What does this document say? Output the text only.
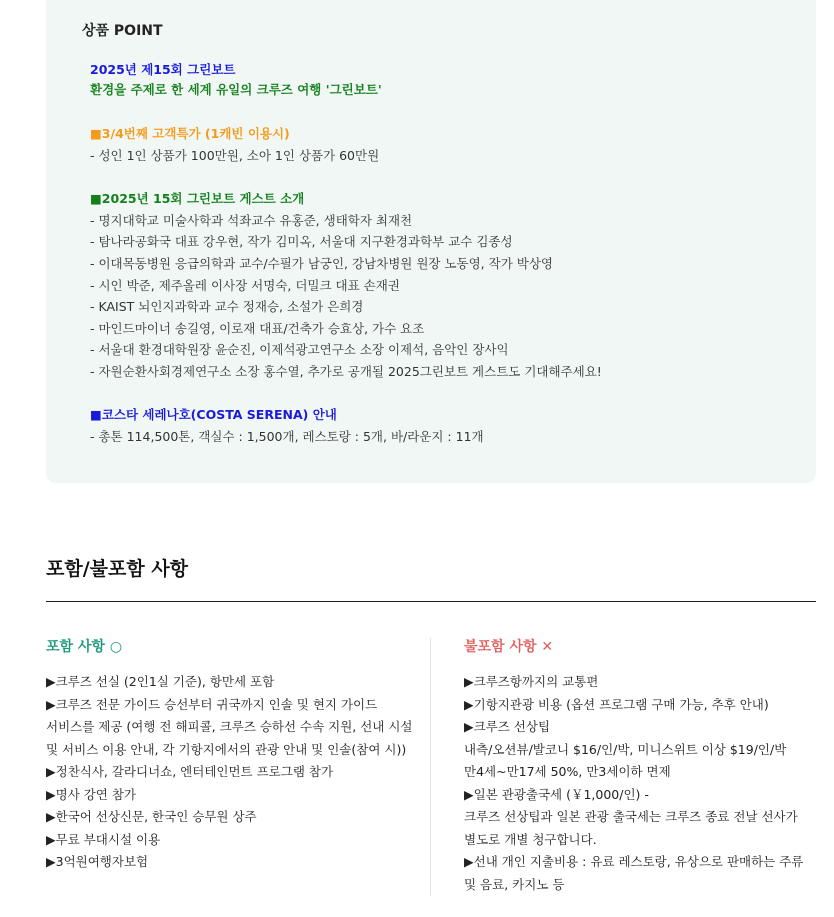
상품 POINT
2025년 제15회 그린보트
환경을 주제로 한 세계 유일의 크루즈 여행 '그린보트'
■3/4번째 고객특가 (1캐빈 이용시)
- 성인 1인 상품가 100만원, 소아 1인 상품가 60만원
■2025년 15회 그린보트 게스트 소개
- 명지대학교 미술사학과 석좌교수 유홍준, 생태학자 최재천
- 탐나라공화국 대표 강우현, 작가 김미옥, 서울대 지구환경과학부 교수 김종성
- 이대목동병원 응급의학과 교수/수필가 남궁인, 강남차병원 원장 노동영, 작가 박상영
- 시인 박준, 제주올레 이사장 서명숙, 더밀크 대표 손재권
- KAIST 뇌인지과학과 교수 정재승, 소설가 은희경
- 마인드마이너 송길영, 이로재 대표/건축가 승효상, 가수 요조
- 서울대 환경대학원장 윤순진, 이제석광고연구소 소장 이제석, 음악인 장사익
- 자원순환사회경제연구소 소장 홍수열, 추가로 공개될 2025그린보트 게스트도 기대해주세요!
■코스타 세레나호(COSTA SERENA) 안내
- 총톤 114,500톤, 객실수 : 1,500개, 레스토랑 : 5개, 바/라운지 : 11개
포함/불포함 사항
포함 사항 ○	불포함 사항 ✕
▶크루즈 선실 (2인1실 기준), 항만세 포함
▶크루즈 전문 가이드 승선부터 귀국까지 인솔 및 현지 가이드
서비스를 제공 (여행 전 해피콜, 크루즈 승하선 수속 지원, 선내 시설
및 서비스 이용 안내, 각 기항지에서의 관광 안내 및 인솔(참여 시))
▶정찬식사, 갈라디너쇼, 엔터테인먼트 프로그램 참가
▶명사 강연 참가
▶한국어 선상신문, 한국인 승무원 상주
▶무료 부대시설 이용
▶3억원여행자보험
▶크루즈항까지의 교통편
▶기항지관광 비용 (옵션 프로그램 구매 가능, 추후 안내)
▶크루즈 선상팁
내측/오션뷰/발코니 $16/인/박, 미니스위트 이상 $19/인/박
만4세~만17세 50%, 만3세이하 면제
▶일본 관광출국세 (￥1,000/인) -
크루즈 선상팁과 일본 관광 출국세는 크루즈 종료 전날 선사가
별도로 개별 청구합니다.
▶선내 개인 지출비용 : 유료 레스토랑, 유상으로 판매하는 주류
및 음료, 카지노 등
